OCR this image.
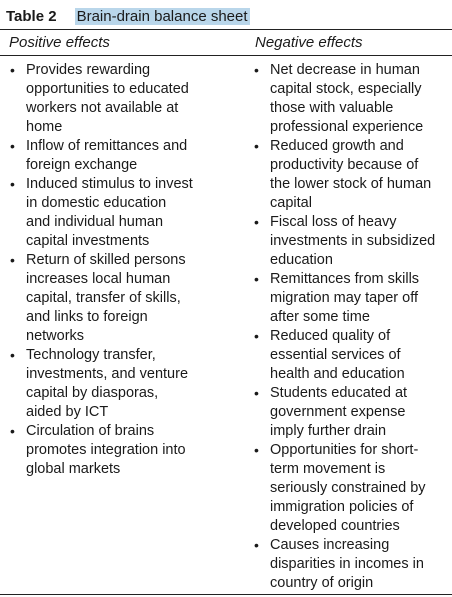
Table 2 Brain-drain balance sheet
Positive effects	Negative effects
• Provides rewarding
opportunities to educated
workers not available at
home
• Inflow of remittances and
foreign exchange
• Induced stimulus to invest
in domestic education
and individual human
capital investments
• Return of skilled persons
increases local human
capital, transfer of skills,
and links to foreign
networks
• Technology transfer,
investments, and venture
capital by diasporas,
aided by ICT
• Circulation of brains
promotes integration into
global markets
• Net decrease in human
capital stock, especially
those with valuable
professional experience
• Reduced growth and
productivity because of
the lower stock of human
capital
• Fiscal loss of heavy
investments in subsidized
education
• Remittances from skills
migration may taper off
after some time
• Reduced quality of
essential services of
health and education
• Students educated at
government expense
imply further drain
• Opportunities for short-
term movement is
seriously constrained by
immigration policies of
developed countries
• Causes increasing
disparities in incomes in
country of origin
